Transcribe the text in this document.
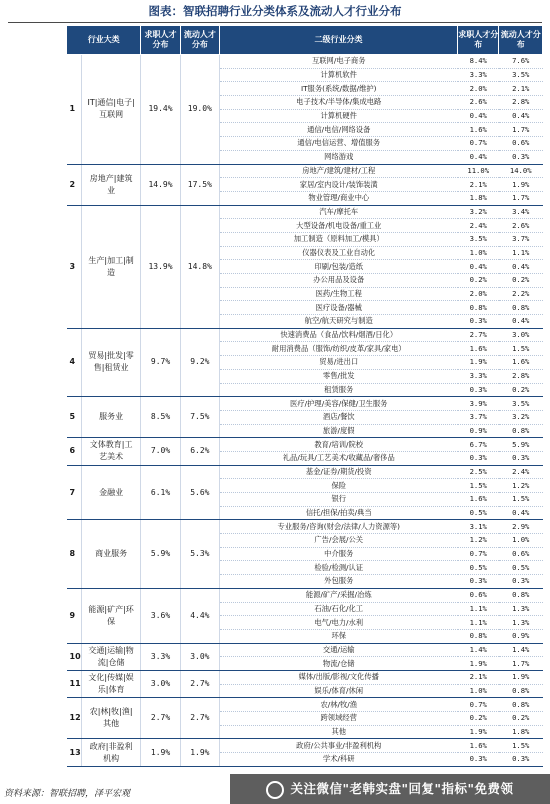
图表：智联招聘行业分类体系及流动人才行业分布
行业大类		求职人才分布	流动人才分布	二级行业分类	求职人才分布	流动人才分布
1	IT|通信|电子|互联网	19.4%	19.0%	互联网/电子商务	8.4%	7.6%
				计算机软件	3.3%	3.5%
				IT服务(系统/数据/维护)	2.0%	2.1%
				电子技术/半导体/集成电路	2.6%	2.8%
				计算机硬件	0.4%	0.4%
				通信/电信/网络设备	1.6%	1.7%
				通信/电信运营、增值服务	0.7%	0.6%
				网络游戏	0.4%	0.3%
2	房地产|建筑业	14.9%	17.5%	房地产/建筑/建材/工程	11.0%	14.0%
				家居/室内设计/装饰装潢	2.1%	1.9%
				物业管理/商业中心	1.8%	1.7%
3	生产|加工|制造	13.9%	14.8%	汽车/摩托车	3.2%	3.4%
				大型设备/机电设备/重工业	2.4%	2.6%
				加工制造（原料加工/模具）	3.5%	3.7%
				仪器仪表及工业自动化	1.0%	1.1%
				印刷/包装/造纸	0.4%	0.4%
				办公用品及设备	0.2%	0.2%
				医药/生物工程	2.0%	2.2%
				医疗设备/器械	0.8%	0.8%
				航空/航天研究与制造	0.3%	0.4%
4	贸易|批发|零售|租赁业	9.7%	9.2%	快速消费品（食品/饮料/烟酒/日化）	2.7%	3.0%
				耐用消费品（服饰/纺织/皮革/家具/家电）	1.6%	1.5%
				贸易/进出口	1.9%	1.6%
				零售/批发	3.3%	2.8%
				租赁服务	0.3%	0.2%
5	服务业	8.5%	7.5%	医疗/护理/美容/保健/卫生服务	3.9%	3.5%
				酒店/餐饮	3.7%	3.2%
				旅游/度假	0.9%	0.8%
6	文体教育|工艺美术	7.0%	6.2%	教育/培训/院校	6.7%	5.9%
				礼品/玩具/工艺美术/收藏品/奢侈品	0.3%	0.3%
7	金融业	6.1%	5.6%	基金/证券/期货/投资	2.5%	2.4%
				保险	1.5%	1.2%
				银行	1.6%	1.5%
				信托/担保/拍卖/典当	0.5%	0.4%
8	商业服务	5.9%	5.3%	专业服务/咨询(财会/法律/人力资源等)	3.1%	2.9%
				广告/会展/公关	1.2%	1.0%
				中介服务	0.7%	0.6%
				检验/检测/认证	0.5%	0.5%
				外包服务	0.3%	0.3%
9	能源|矿产|环保	3.6%	4.4%	能源/矿产/采掘/冶炼	0.6%	0.8%
				石油/石化/化工	1.1%	1.3%
				电气/电力/水利	1.1%	1.3%
				环保	0.8%	0.9%
10	交通|运输|物流|仓储	3.3%	3.0%	交通/运输	1.4%	1.4%
				物流/仓储	1.9%	1.7%
11	文化|传媒|娱乐|体育	3.0%	2.7%	媒体/出版/影视/文化传播	2.1%	1.9%
				娱乐/体育/休闲	1.0%	0.8%
12	农|林|牧|渔|其他	2.7%	2.7%	农/林/牧/渔	0.7%	0.8%
				跨领域经营	0.2%	0.2%
				其他	1.9%	1.8%
13	政府|非盈利机构	1.9%	1.9%	政府/公共事业/非盈利机构	1.6%	1.5%
				学术/科研	0.3%	0.3%
资料来源：智联招聘，泽平宏观	关注微信"老韩实盘"回复"指标"免费领
